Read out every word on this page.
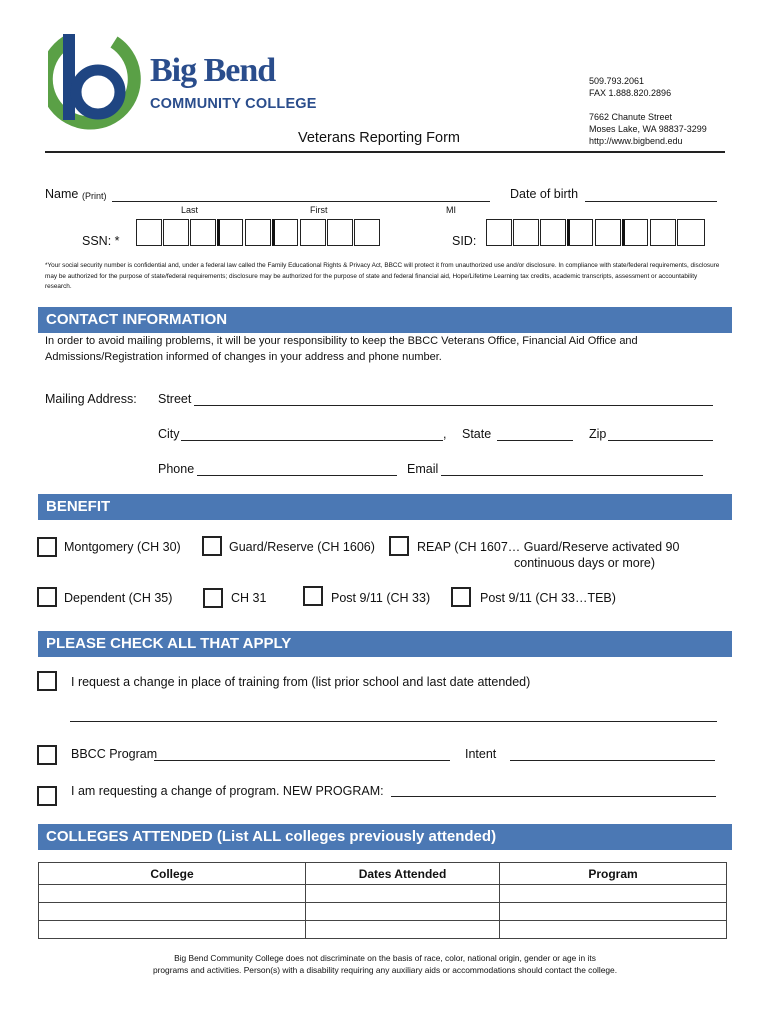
Big Bend
COMMUNITY COLLEGE
Veterans Reporting Form
509.793.2061
FAX 1.888.820.2896
7662 Chanute Street
Moses Lake, WA 98837-3299
http://www.bigbend.edu
Name (Print)
Last	First	MI
Date of birth
SSN: *	SID:
*Your social security number is confidential and, under a federal law called the Family Educational Rights & Privacy Act, BBCC will protect it from unauthorized use and/or disclosure. In compliance with state/federal requirements, disclosure may be authorized for the purpose of state/federal requirements; disclosure may be authorized for the purpose of state and federal financial aid, Hope/Lifetime Learning tax credits, academic transcripts, assessment or accountability research.
CONTACT INFORMATION
In order to avoid mailing problems, it will be your responsibility to keep the BBCC Veterans Office, Financial Aid Office and
Admissions/Registration informed of changes in your address and phone number.
Mailing Address: Street
City	, State	Zip
Phone	Email
BENEFIT
Montgomery (CH 30)	Guard/Reserve (CH 1606)	REAP (CH 1607… Guard/Reserve activated 90
continuous days or more)
Dependent (CH 35)	CH 31	Post 9/11 (CH 33)	Post 9/11 (CH 33…TEB)
PLEASE CHECK ALL THAT APPLY
I request a change in place of training from (list prior school and last date attended)
BBCC Program	Intent
I am requesting a change of program. NEW PROGRAM:
COLLEGES ATTENDED (List ALL colleges previously attended)
College	Dates Attended	Program

Big Bend Community College does not discriminate on the basis of race, color, national origin, gender or age in its
programs and activities. Person(s) with a disability requiring any auxiliary aids or accommodations should contact the college.
